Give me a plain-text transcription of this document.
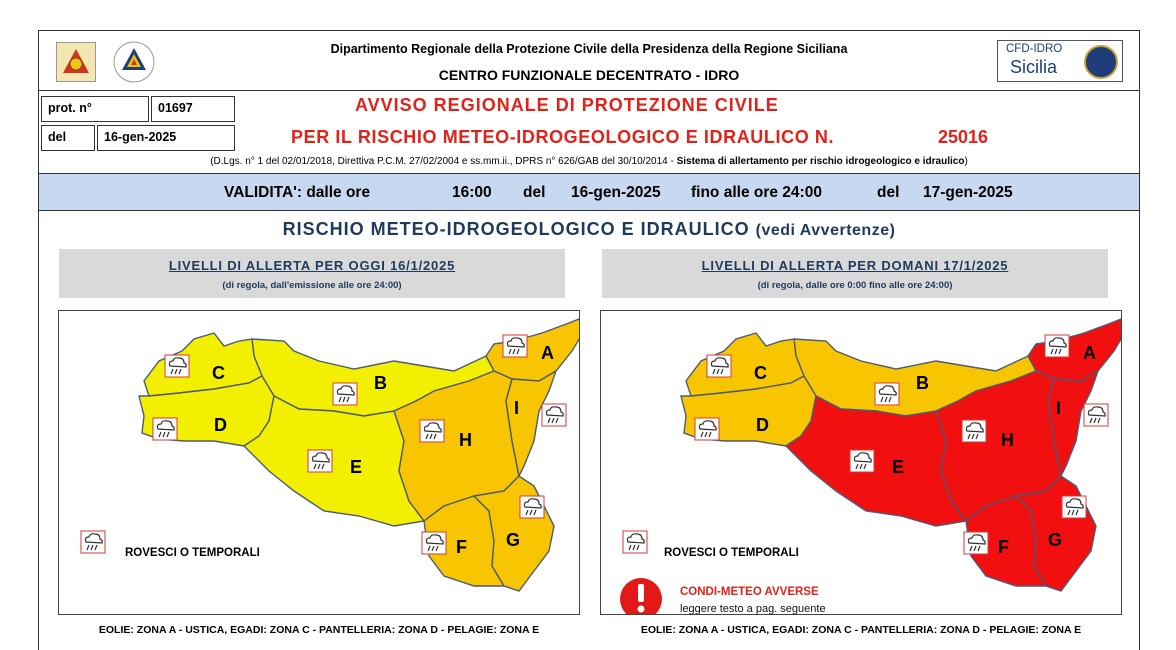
Dipartimento Regionale della Protezione Civile della Presidenza della Regione Siciliana
CENTRO FUNZIONALE DECENTRATO - IDRO
CFD-IDRO
Sicilia
prot. n°	01697
del	16-gen-2025
AVVISO REGIONALE DI PROTEZIONE CIVILE
PER IL RISCHIO METEO-IDROGEOLOGICO E IDRAULICO N.	25016
(D.Lgs. n° 1 del 02/01/2018, Direttiva P.C.M. 27/02/2004 e ss.mm.ii., DPRS n° 626/GAB del 30/10/2014 - Sistema di allertamento per rischio idrogeologico e idraulico)
VALIDITA': dalle ore	16:00 del 16-gen-2025 fino alle ore 24:00	del 17-gen-2025
RISCHIO METEO-IDROGEOLOGICO E IDRAULICO (vedi Avvertenze)
LIVELLI DI ALLERTA PER OGGI 16/1/2025
(di regola, dall'emissione alle ore 24:00)
LIVELLI DI ALLERTA PER DOMANI 17/1/2025
(di regola, dalle ore 0:00 fino alle ore 24:00)
A
B
C
D
E
F G
H
I
ROVESCI O TEMPORALI
A
B
C
D
E
F G
H
I
ROVESCI O TEMPORALI
CONDI-METEO AVVERSE
leggere testo a pag. seguente
EOLIE: ZONA A - USTICA, EGADI: ZONA C - PANTELLERIA: ZONA D - PELAGIE: ZONA E	EOLIE: ZONA A - USTICA, EGADI: ZONA C - PANTELLERIA: ZONA D - PELAGIE: ZONA E
